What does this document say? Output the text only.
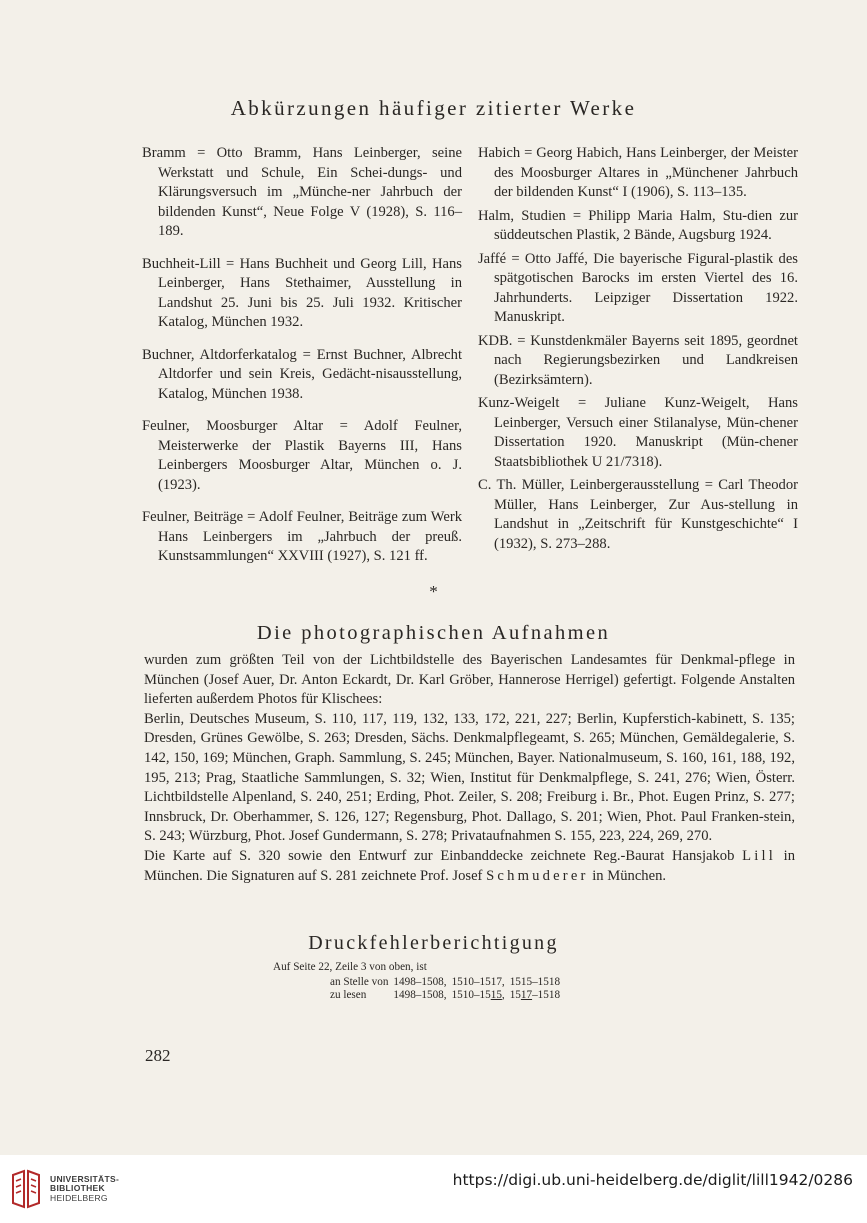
Abkürzungen häufiger zitierter Werke

Bramm = Otto Bramm, Hans Leinberger, seine Werkstatt und Schule, Ein Schei-dungs- und Klärungsversuch im „Münche-ner Jahrbuch der bildenden Kunst“, Neue Folge V (1928), S. 116–189.

Buchheit-Lill = Hans Buchheit und Georg Lill, Hans Leinberger, Hans Stethaimer, Ausstellung in Landshut 25. Juni bis 25. Juli 1932. Kritischer Katalog, München 1932.

Buchner, Altdorferkatalog = Ernst Buchner, Albrecht Altdorfer und sein Kreis, Gedächt-nisausstellung, Katalog, München 1938.

Feulner, Moosburger Altar = Adolf Feulner, Meisterwerke der Plastik Bayerns III, Hans Leinbergers Moosburger Altar, München o. J. (1923).

Feulner, Beiträge = Adolf Feulner, Beiträge zum Werk Hans Leinbergers im „Jahrbuch der preuß. Kunstsammlungen“ XXVIII (1927), S. 121 ff.

Habich = Georg Habich, Hans Leinberger, der Meister des Moosburger Altares in „Münchener Jahrbuch der bildenden Kunst“ I (1906), S. 113–135.

Halm, Studien = Philipp Maria Halm, Stu-dien zur süddeutschen Plastik, 2 Bände, Augsburg 1924.

Jaffé = Otto Jaffé, Die bayerische Figural-plastik des spätgotischen Barocks im ersten Viertel des 16. Jahrhunderts. Leipziger Dissertation 1922. Manuskript.

KDB. = Kunstdenkmäler Bayerns seit 1895, geordnet nach Regierungsbezirken und Landkreisen (Bezirksämtern).

Kunz-Weigelt = Juliane Kunz-Weigelt, Hans Leinberger, Versuch einer Stilanalyse, Mün-chener Dissertation 1920. Manuskript (Mün-chener Staatsbibliothek U 21/7318).

C. Th. Müller, Leinbergerausstellung = Carl Theodor Müller, Hans Leinberger, Zur Aus-stellung in Landshut in „Zeitschrift für Kunstgeschichte“ I (1932), S. 273–288.

*
Die photographischen Aufnahmen

wurden zum größten Teil von der Lichtbildstelle des Bayerischen Landesamtes für Denkmal-pflege in München (Josef Auer, Dr. Anton Eckardt, Dr. Karl Gröber, Hannerose Herrigel) gefertigt. Folgende Anstalten lieferten außerdem Photos für Klischees:

Berlin, Deutsches Museum, S. 110, 117, 119, 132, 133, 172, 221, 227; Berlin, Kupferstich-kabinett, S. 135; Dresden, Grünes Gewölbe, S. 263; Dresden, Sächs. Denkmalpflegeamt, S. 265; München, Gemäldegalerie, S. 142, 150, 169; München, Graph. Sammlung, S. 245; München, Bayer. Nationalmuseum, S. 160, 161, 188, 192, 195, 213; Prag, Staatliche Sammlungen, S. 32; Wien, Institut für Denkmalpflege, S. 241, 276; Wien, Österr. Lichtbildstelle Alpenland, S. 240, 251; Erding, Phot. Zeiler, S. 208; Freiburg i. Br., Phot. Eugen Prinz, S. 277; Innsbruck, Dr. Oberhammer, S. 126, 127; Regensburg, Phot. Dallago, S. 201; Wien, Phot. Paul Franken-stein, S. 243; Würzburg, Phot. Josef Gundermann, S. 278; Privataufnahmen S. 155, 223, 224, 269, 270.

Die Karte auf S. 320 sowie den Entwurf zur Einbanddecke zeichnete Reg.-Baurat Hansjakob Lill in München. Die Signaturen auf S. 281 zeichnete Prof. Josef Schmuderer in München.

Druckfehlerberichtigung
Auf Seite 22, Zeile 3 von oben, ist
an Stelle von	1498–1508,	1510–1517,	1515–1518
zu lesen	1498–1508,	1510–1515,	1517–1518
282
UNIVERSITÄTS-
BIBLIOTHEK
HEIDELBERG
https://digi.ub.uni-heidelberg.de/diglit/lill1942/0286
